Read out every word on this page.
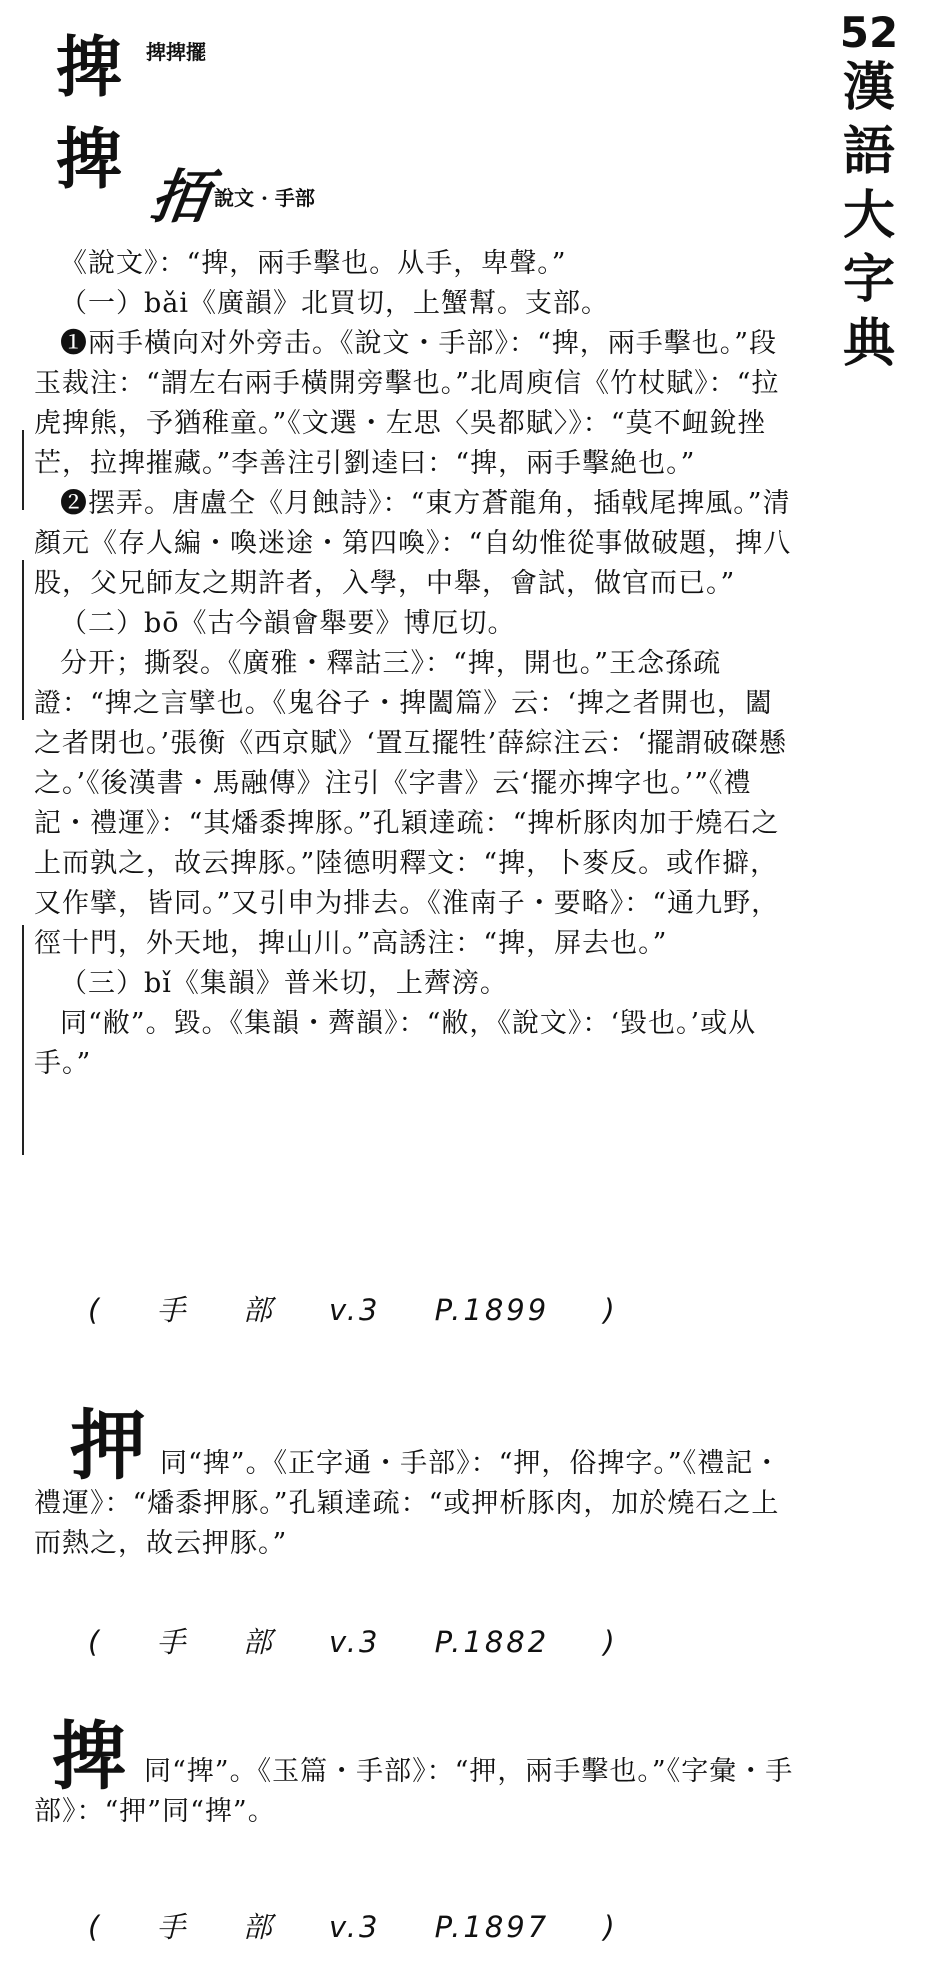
52
漢
語
大
字
典
捭 捭捭擺
捭 𢫦 說文 · 手部

《說文》：“捭，兩手擊也。从手，卑聲。”

（一）bǎi《廣韻》北買切，上蟹幫。支部。

❶兩手橫向对外旁击。《說文・手部》：“捭，兩手擊也。”段玉裁注：“謂左右兩手橫開旁擊也。”北周庾信《竹杖賦》：“拉虎捭熊，予猶稚童。”《文選・左思〈吳都賦〉》：“莫不衄銳挫芒，拉捭摧藏。”李善注引劉逵曰：“捭，兩手擊絶也。”

❷摆弄。唐盧仝《月蝕詩》：“東方蒼龍角，插戟尾捭風。”清顏元《存人編・喚迷途・第四喚》：“自幼惟從事做破題，捭八股，父兄師友之期許者，入學，中舉，會試，做官而已。”

（二）bō《古今韻會舉要》博厄切。

分开；撕裂。《廣雅・釋詁三》：“捭，開也。”王念孫疏證：“捭之言擘也。《鬼谷子・捭闔篇》云：‘捭之者開也，闔之者閉也。’張衡《西京賦》‘置互擺牲’薛綜注云：‘擺謂破磔懸之。’《後漢書・馬融傳》注引《字書》云‘擺亦捭字也。’”《禮記・禮運》：“其燔黍捭豚。”孔穎達疏：“捭析豚肉加于燒石之上而孰之，故云捭豚。”陸德明釋文：“捭，卜麥反。或作擗，又作擘，皆同。”又引申为排去。《淮南子・要略》：“通九野，徑十門，外天地，捭山川。”高誘注：“捭，屏去也。”

（三）bǐ《集韻》普米切，上薺滂。

同“敝”。毀。《集韻・薺韻》：“敝，《說文》：‘毀也。’或从手。”

( 手 部 v.3 P.1899 )
押 同“捭”。《正字通・手部》：“押，俗捭字。”《禮記・禮運》：“燔黍押豚。”孔穎達疏：“或押析豚肉，加於燒石之上而熱之，故云押豚。”

( 手 部 v.3 P.1882 )
捭 同“捭”。《玉篇・手部》：“押，兩手擊也。”《字彙・手部》：“押”同“捭”。

( 手 部 v.3 P.1897 )
